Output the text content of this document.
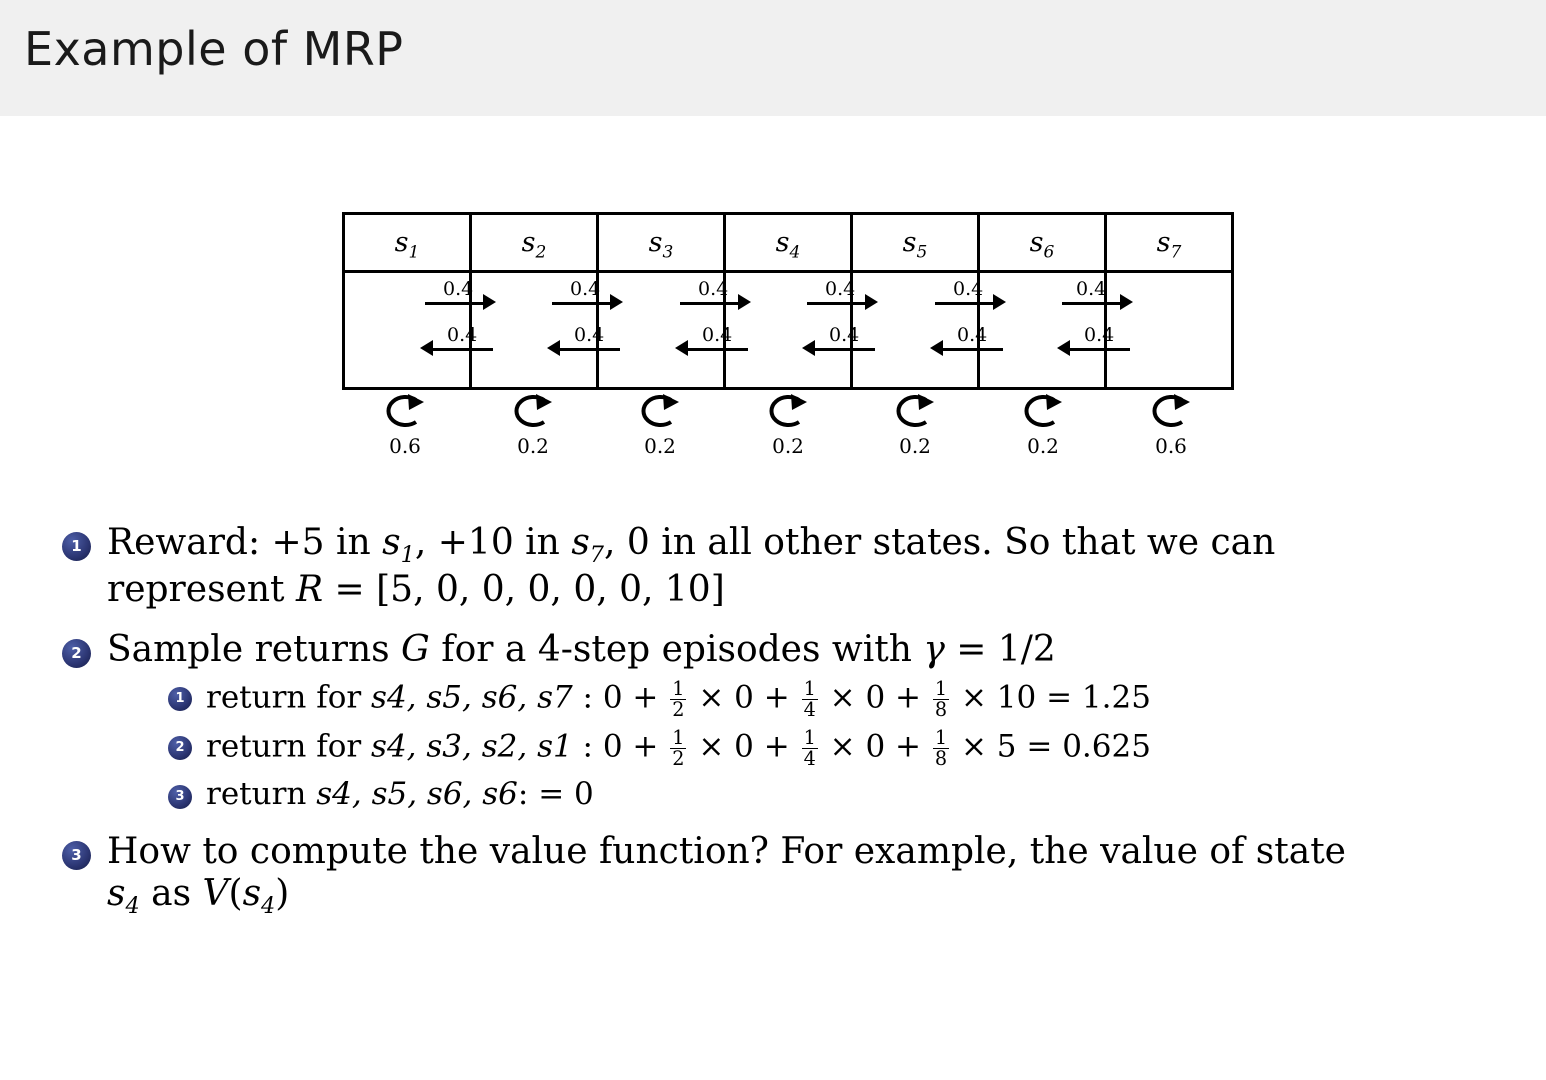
Example of MRP
$s_1$	$s_2$	$s_3$	$s_4$	$s_5$	$s_6$	$s_7$
0.4
0.4
0.4
0.4
0.4
0.4
0.4
0.4
0.4
0.4
0.4
0.4
0.6	0.2	0.2	0.2	0.2	0.2	0.6
1 Reward: +5 in $s_1$, +10 in $s_7$, 0 in all other states. So that we can
represent R = [5, 0, 0, 0, 0, 0, 10]
2 Sample returns G for a 4-step episodes with γ = 1/2
1 return for s4, s5, s6, s7 : $0 + \frac{1}{2} \times 0 + \frac{1}{4} \times 0 + \frac{1}{8} \times 10 = 1.25$
2 return for s4, s3, s2, s1 : $0 + \frac{1}{2} \times 0 + \frac{1}{4} \times 0 + \frac{1}{8} \times 5 = 0.625$
3 return s4, s5, s6, s6: = 0
3 How to compute the value function? For example, the value of state
$s_4$ as $V(s_4)$
